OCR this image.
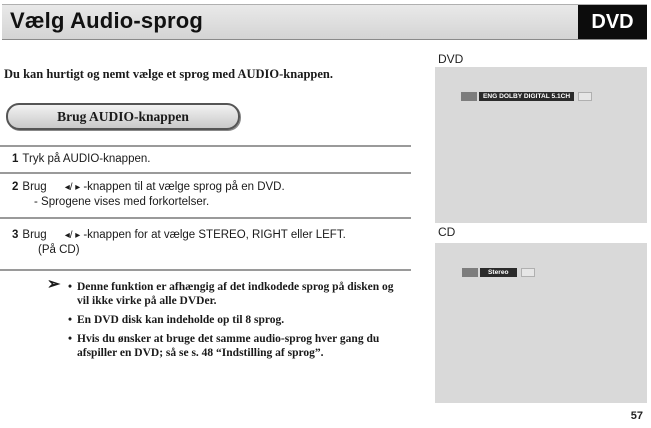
Vælg Audio-sprog	DVD
Du kan hurtigt og nemt vælge et sprog med AUDIO-knappen.
Brug AUDIO-knappen
1 Tryk på AUDIO-knappen.
2 Brug ◂/ ▸ -knappen til at vælge sprog på en DVD.
- Sprogene vises med forkortelser.
3 Brug ◂/ ▸ -knappen for at vælge STEREO, RIGHT eller LEFT.
(På CD)
➢
•	Denne funktion er afhængig af det indkodede sprog på disken og vil ikke virke på alle DVDer.
• En DVD disk kan indeholde op til 8 sprog.
• Hvis du ønsker at bruge det samme audio-sprog hver gang du afspiller en DVD; så se s. 48 “Indstilling af sprog”.
DVD
ENG DOLBY DIGITAL 5.1CH
CD
Stereo
57
